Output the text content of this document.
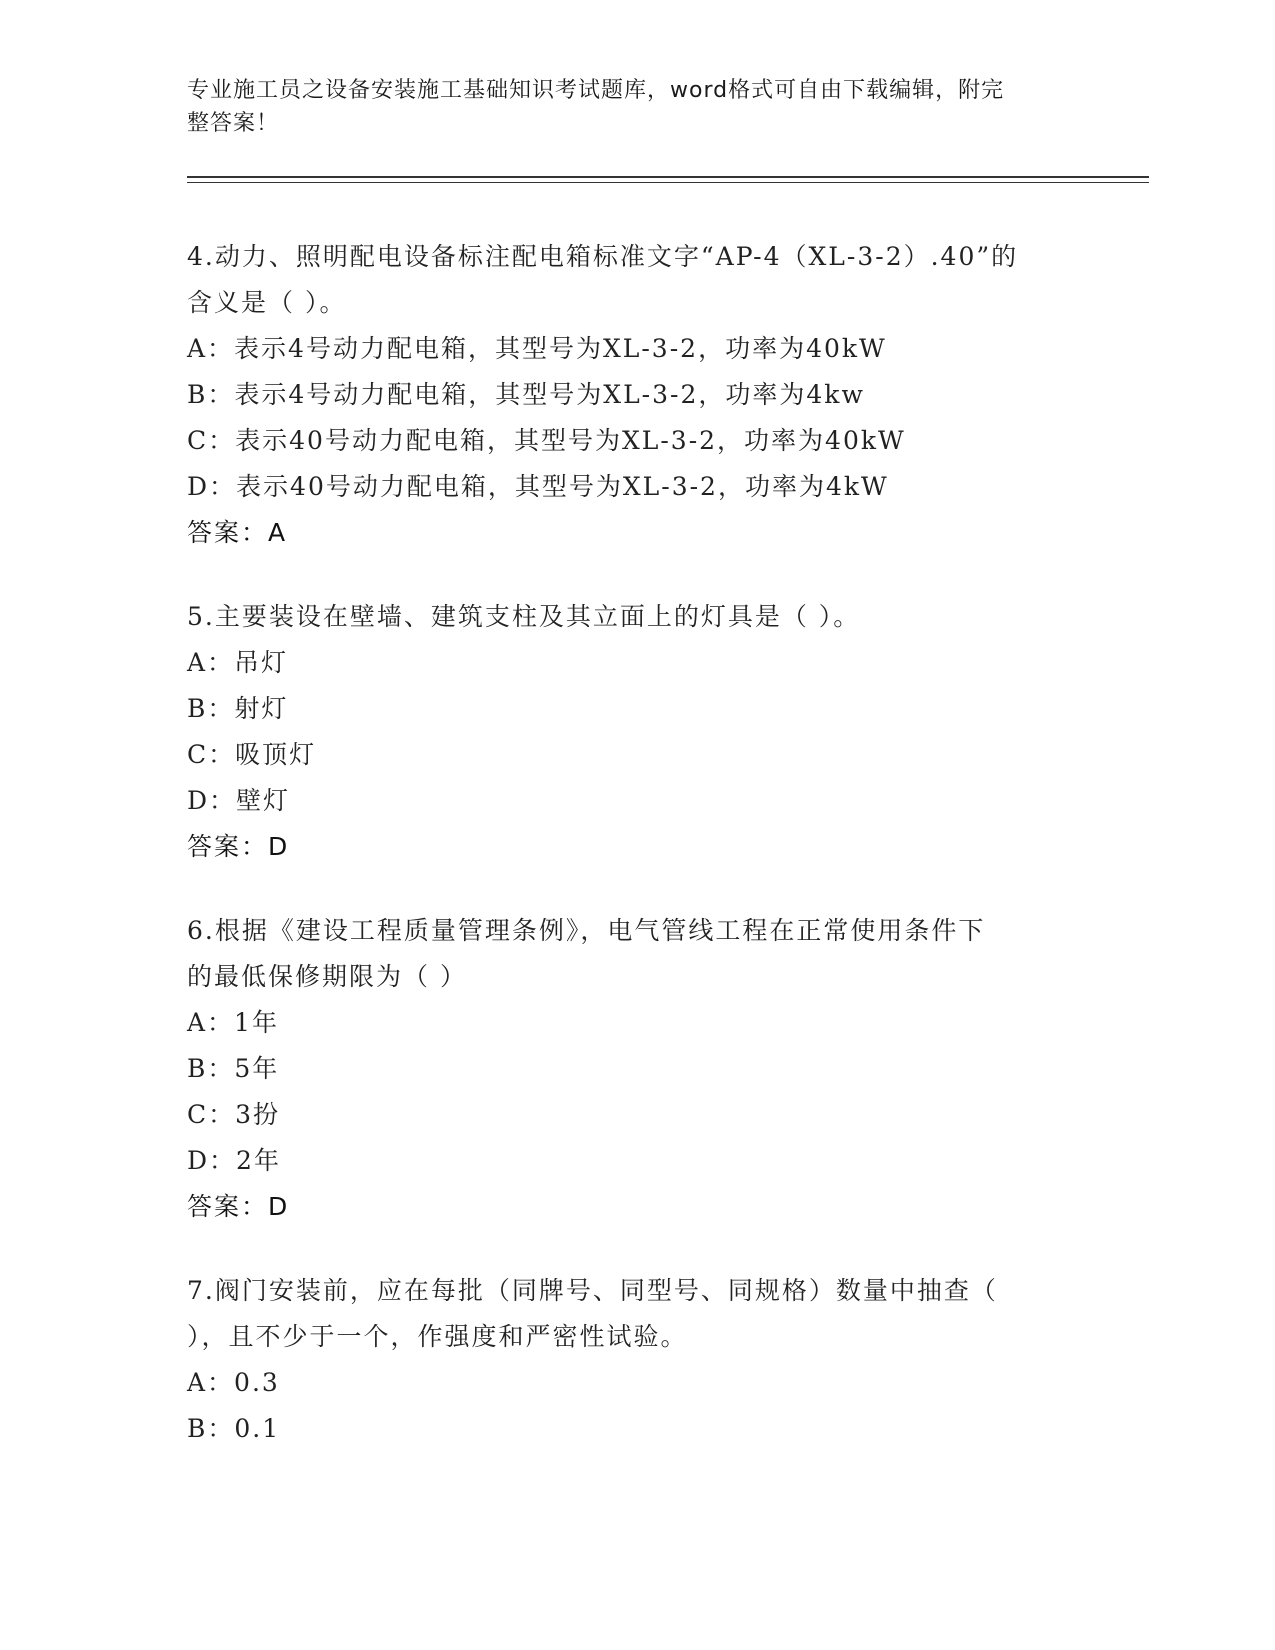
专业施工员之设备安装施工基础知识考试题库，word格式可自由下载编辑，附完
整答案！
4.动力、照明配电设备标注配电箱标准文字“AP-4（XL-3-2）.40”的
含义是（ ）。
A：表示4号动力配电箱，其型号为XL-3-2，功率为40kW
B：表示4号动力配电箱，其型号为XL-3-2，功率为4kw
C：表示40号动力配电箱，其型号为XL-3-2，功率为40kW
D：表示40号动力配电箱，其型号为XL-3-2，功率为4kW
答案：A
5.主要装设在壁墙、建筑支柱及其立面上的灯具是（ ）。
A：吊灯
B：射灯
C：吸顶灯
D：壁灯
答案：D
6.根据《建设工程质量管理条例》，电气管线工程在正常使用条件下
的最低保修期限为（ ）
A：1年
B：5年
C：3扮
D：2年
答案：D
7.阀门安装前，应在每批（同牌号、同型号、同规格）数量中抽查（
），且不少于一个，作强度和严密性试验。
A：0.3
B：0.1
